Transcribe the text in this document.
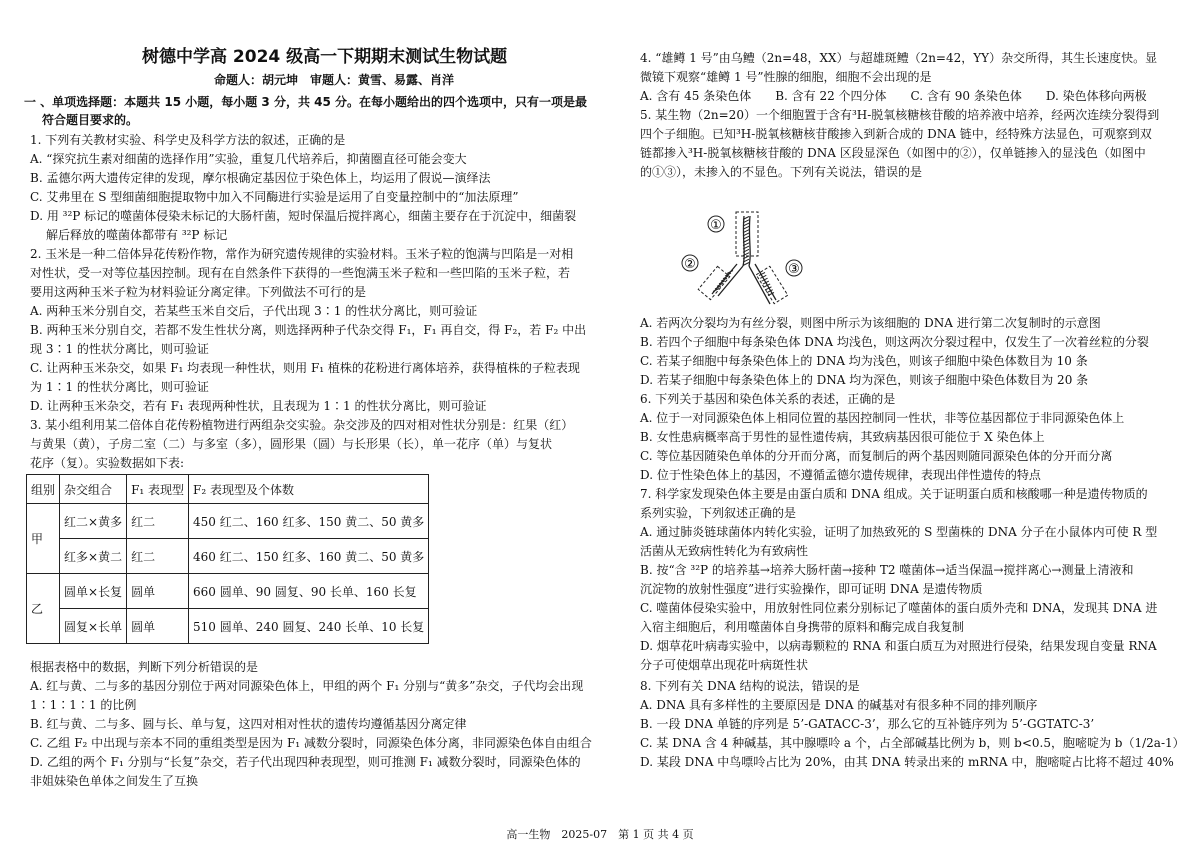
树德中学高 2024 级高一下期期末测试生物试题
命题人：胡元坤　审题人：黄雪、易露、肖洋
一 、单项选择题：本题共 15 小题，每小题 3 分，共 45 分。在每小题给出的四个选项中，只有一项是最
符合题目要求的。
1. 下列有关教材实验、科学史及科学方法的叙述，正确的是
A. “探究抗生素对细菌的选择作用”实验，重复几代培养后，抑菌圈直径可能会变大
B. 孟德尔两大遗传定律的发现，摩尔根确定基因位于染色体上，均运用了假说—演绎法
C. 艾弗里在 S 型细菌细胞提取物中加入不同酶进行实验是运用了自变量控制中的“加法原理”
D. 用 ³²P 标记的噬菌体侵染未标记的大肠杆菌，短时保温后搅拌离心，细菌主要存在于沉淀中，细菌裂
解后释放的噬菌体都带有 ³²P 标记
2. 玉米是一种二倍体异花传粉作物，常作为研究遗传规律的实验材料。玉米子粒的饱满与凹陷是一对相
对性状，受一对等位基因控制。现有在自然条件下获得的一些饱满玉米子粒和一些凹陷的玉米子粒，若
要用这两种玉米子粒为材料验证分离定律。下列做法不可行的是
A. 两种玉米分别自交，若某些玉米自交后，子代出现 3∶1 的性状分离比，则可验证
B. 两种玉米分别自交，若都不发生性状分离，则选择两种子代杂交得 F₁，F₁ 再自交，得 F₂，若 F₂ 中出
现 3∶1 的性状分离比，则可验证
C. 让两种玉米杂交，如果 F₁ 均表现一种性状，则用 F₁ 植株的花粉进行离体培养，获得植株的子粒表现
为 1∶1 的性状分离比，则可验证
D. 让两种玉米杂交，若有 F₁ 表现两种性状，且表现为 1∶1 的性状分离比，则可验证
3. 某小组利用某二倍体自花传粉植物进行两组杂交实验。杂交涉及的四对相对性状分别是：红果（红）
与黄果（黄），子房二室（二）与多室（多），圆形果（圆）与长形果（长），单一花序（单）与复状
花序（复）。实验数据如下表:
根据表格中的数据，判断下列分析错误的是
A. 红与黄、二与多的基因分别位于两对同源染色体上，甲组的两个 F₁ 分别与“黄多”杂交，子代均会出现
1∶1∶1∶1 的比例
B. 红与黄、二与多、圆与长、单与复，这四对相对性状的遗传均遵循基因分离定律
C. 乙组 F₂ 中出现与亲本不同的重组类型是因为 F₁ 减数分裂时，同源染色体分离，非同源染色体自由组合
D. 乙组的两个 F₁ 分别与“长复”杂交，若子代出现四种表现型，则可推测 F₁ 减数分裂时，同源染色体的
非姐妹染色单体之间发生了互换
组别	杂交组合	F₁ 表现型	F₂ 表现型及个体数
甲	红二×黄多	红二	450 红二、160 红多、150 黄二、50 黄多
	红多×黄二	红二	460 红二、150 红多、160 黄二、50 黄多
乙	圆单×长复	圆单	660 圆单、90 圆复、90 长单、160 长复
	圆复×长单	圆单	510 圆单、240 圆复、240 长单、10 长复
4. “雄鳟 1 号”由乌鳢（2n=48，XX）与超雄斑鳢（2n=42，YY）杂交所得，其生长速度快。显
微镜下观察“雄鳟 1 号”性腺的细胞，细胞不会出现的是
A. 含有 45 条染色体　　B. 含有 22 个四分体　　C. 含有 90 条染色体　　D. 染色体移向两极
5. 某生物（2n=20）一个细胞置于含有³H-脱氧核糖核苷酸的培养液中培养，经两次连续分裂得到
四个子细胞。已知³H-脱氧核糖核苷酸掺入到新合成的 DNA 链中，经特殊方法显色，可观察到双
链都掺入³H-脱氧核糖核苷酸的 DNA 区段显深色（如图中的②），仅单链掺入的显浅色（如图中
的①③），未掺入的不显色。下列有关说法，错误的是
A. 若两次分裂均为有丝分裂，则图中所示为该细胞的 DNA 进行第二次复制时的示意图
B. 若四个子细胞中每条染色体 DNA 均浅色，则这两次分裂过程中，仅发生了一次着丝粒的分裂
C. 若某子细胞中每条染色体上的 DNA 均为浅色，则该子细胞中染色体数目为 10 条
D. 若某子细胞中每条染色体上的 DNA 均为深色，则该子细胞中染色体数目为 20 条
6. 下列关于基因和染色体关系的表述，正确的是
A. 位于一对同源染色体上相同位置的基因控制同一性状，非等位基因都位于非同源染色体上
B. 女性患病概率高于男性的显性遗传病，其致病基因很可能位于 X 染色体上
C. 等位基因随染色单体的分开而分离，而复制后的两个基因则随同源染色体的分开而分离
D. 位于性染色体上的基因，不遵循孟德尔遗传规律，表现出伴性遗传的特点
7. 科学家发现染色体主要是由蛋白质和 DNA 组成。关于证明蛋白质和核酸哪一种是遗传物质的
系列实验，下列叙述正确的是
A. 通过肺炎链球菌体内转化实验，证明了加热致死的 S 型菌株的 DNA 分子在小鼠体内可使 R 型
活菌从无致病性转化为有致病性
B. 按“含 ³²P 的培养基→培养大肠杆菌→接种 T2 噬菌体→适当保温→搅拌离心→测量上清液和
沉淀物的放射性强度”进行实验操作，即可证明 DNA 是遗传物质
C. 噬菌体侵染实验中，用放射性同位素分别标记了噬菌体的蛋白质外壳和 DNA，发现其 DNA 进
入宿主细胞后，利用噬菌体自身携带的原料和酶完成自我复制
D. 烟草花叶病毒实验中，以病毒颗粒的 RNA 和蛋白质互为对照进行侵染，结果发现自变量 RNA
分子可使烟草出现花叶病斑性状
8. 下列有关 DNA 结构的说法，错误的是
A. DNA 具有多样性的主要原因是 DNA 的碱基对有很多种不同的排列顺序
B. 一段 DNA 单链的序列是 5’-GATACC-3’，那么它的互补链序列为 5’-GGTATC-3’
C. 某 DNA 含 4 种碱基，其中腺嘌呤 a 个，占全部碱基比例为 b，则 b<0.5，胞嘧啶为 b（1/2a-1）
D. 某段 DNA 中鸟嘌呤占比为 20%，由其 DNA 转录出来的 mRNA 中，胞嘧啶占比将不超过 40%
①
②	③
高一生物　2025-07　第 1 页 共 4 页
